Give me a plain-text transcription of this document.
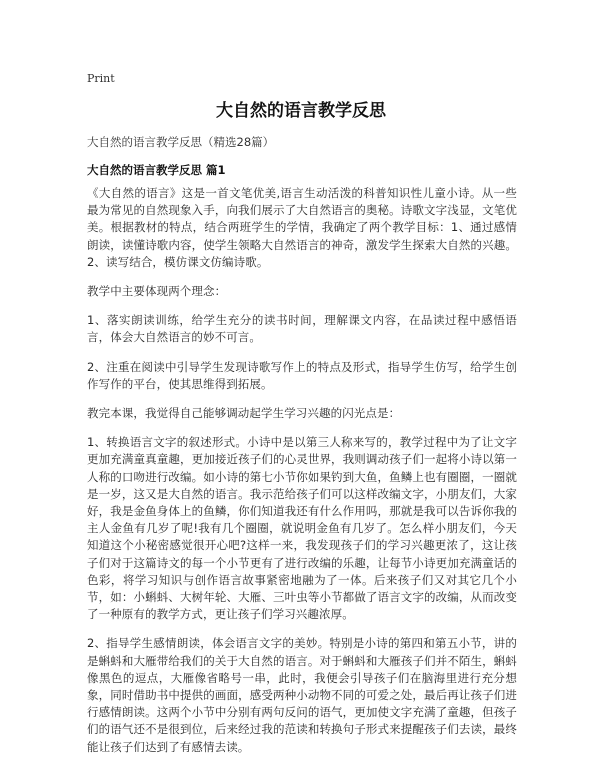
Print
大自然的语言教学反思
大自然的语言教学反思（精选28篇）
大自然的语言教学反思 篇1

《大自然的语言》这是一首文笔优美,语言生动活泼的科普知识性儿童小诗。从一些最为常见的自然现象入手，向我们展示了大自然语言的奥秘。诗歌文字浅显，文笔优美。根据教材的特点，结合两班学生的学情，我确定了两个教学目标：1、通过感情朗读，读懂诗歌内容，使学生领略大自然语言的神奇，激发学生探索大自然的兴趣。2、读写结合，模仿课文仿编诗歌。

教学中主要体现两个理念：

1、落实朗读训练，给学生充分的读书时间，理解课文内容，在品读过程中感悟语言，体会大自然语言的妙不可言。

2、注重在阅读中引导学生发现诗歌写作上的特点及形式，指导学生仿写，给学生创作写作的平台，使其思维得到拓展。

教完本课，我觉得自己能够调动起学生学习兴趣的闪光点是：

1、转换语言文字的叙述形式。小诗中是以第三人称来写的，教学过程中为了让文字更加充满童真童趣，更加接近孩子们的心灵世界，我则调动孩子们一起将小诗以第一人称的口吻进行改编。如小诗的第七小节你如果钓到大鱼，鱼鳞上也有圈圈，一圈就是一岁，这又是大自然的语言。我示范给孩子们可以这样改编文字，小朋友们，大家好，我是金鱼身体上的鱼鳞，你们知道我还有什么作用吗，那就是我可以告诉你我的主人金鱼有几岁了呢!我有几个圈圈，就说明金鱼有几岁了。怎么样小朋友们，今天知道这个小秘密感觉很开心吧?这样一来，我发现孩子们的学习兴趣更浓了，这让孩子们对于这篇诗文的每一个小节更有了进行改编的乐趣，让每节小诗更加充满童话的色彩，将学习知识与创作语言故事紧密地融为了一体。后来孩子们又对其它几个小节，如：小蝌蚪、大树年轮、大雁、三叶虫等小节都做了语言文字的改编，从而改变了一种原有的教学方式，更让孩子们学习兴趣浓厚。

2、指导学生感情朗读，体会语言文字的美妙。特别是小诗的第四和第五小节，讲的是蝌蚪和大雁带给我们的关于大自然的语言。对于蝌蚪和大雁孩子们并不陌生，蝌蚪像黑色的逗点，大雁像省略号一串，此时，我便会引导孩子们在脑海里进行充分想象，同时借助书中提供的画面，感受两种小动物不同的可爱之处，最后再让孩子们进行感情朗读。这两个小节中分别有两句反问的语气，更加使文字充满了童趣，但孩子们的语气还不是很到位，后来经过我的范读和转换句子形式来提醒孩子们去读，最终能让孩子们达到了有感情去读。
